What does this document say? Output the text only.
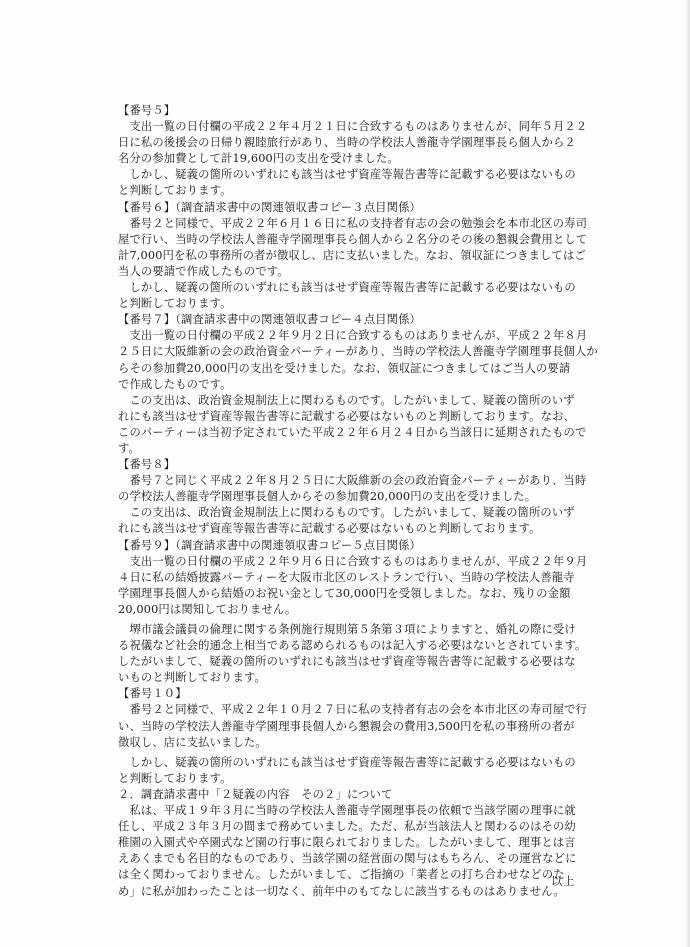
【番号５】
　支出一覧の日付欄の平成２２年４月２１日に合致するものはありませんが、同年５月２２
日に私の後援会の日帰り親睦旅行があり、当時の学校法人善龍寺学園理事長ら個人から２
名分の参加費として計19,600円の支出を受けました。
　しかし、疑義の箇所のいずれにも該当はせず資産等報告書等に記載する必要はないもの
と判断しております。
【番号６】（調査請求書中の関連領収書コピー３点目関係）
　番号２と同様で、平成２２年６月１６日に私の支持者有志の会の勉強会を本市北区の寿司
屋で行い、当時の学校法人善龍寺学園理事長ら個人から２名分のその後の懇親会費用として
計7,000円を私の事務所の者が徴収し、店に支払いました。なお、領収証につきましてはご当人の要請で作成したものです。
　しかし、疑義の箇所のいずれにも該当はせず資産等報告書等に記載する必要はないもの
と判断しております。
【番号７】（調査請求書中の関連領収書コピー４点目関係）
　支出一覧の日付欄の平成２２年９月２日に合致するものはありませんが、平成２２年８月
２５日に大阪維新の会の政治資金パーティーがあり、当時の学校法人善龍寺学園理事長個人か
らその参加費20,000円の支出を受けました。なお、領収証につきましてはご当人の要請
で作成したものです。
　この支出は、政治資金規制法上に関わるものです。したがいまして、疑義の箇所のいず
れにも該当はせず資産等報告書等に記載する必要はないものと判断しております。なお、
このパーティーは当初予定されていた平成２２年６月２４日から当該日に延期されたもので
す。
【番号８】
　番号７と同じく平成２２年８月２５日に大阪維新の会の政治資金パーティーがあり、当時
の学校法人善龍寺学園理事長個人からその参加費20,000円の支出を受けました。
　この支出は、政治資金規制法上に関わるものです。したがいまして、疑義の箇所のいず
れにも該当はせず資産等報告書等に記載する必要はないものと判断しております。
【番号９】（調査請求書中の関連領収書コピー５点目関係）
　支出一覧の日付欄の平成２２年９月６日に合致するものはありませんが、平成２２年９月
４日に私の結婚披露パーティーを大阪市北区のレストランで行い、当時の学校法人善龍寺
学園理事長個人から結婚のお祝い金として30,000円を受領しました。なお、残りの金額
20,000円は関知しておりません。
　堺市議会議員の倫理に関する条例施行規則第５条第３項によりますと、婚礼の際に受け
る祝儀など社会的通念上相当である認められるものは記入する必要はないとされています。
したがいまして、疑義の箇所のいずれにも該当はせず資産等報告書等に記載する必要はな
いものと判断しております。
【番号１０】
　番号２と同様で、平成２２年１０月２７日に私の支持者有志の会を本市北区の寿司屋で行
い、当時の学校法人善龍寺学園理事長個人から懇親会の費用3,500円を私の事務所の者が
徴収し、店に支払いました。
　しかし、疑義の箇所のいずれにも該当はせず資産等報告書等に記載する必要はないもの
と判断しております。
２．調査請求書中「２疑義の内容　その２」について
　私は、平成１９年３月に当時の学校法人善龍寺学園理事長の依頼で当該学園の理事に就
任し、平成２３年３月の間まで務めていました。ただ、私が当該法人と関わるのはその幼
稚園の入園式や卒園式など園の行事に限られておりました。したがいまして、理事とは言
えあくまでも名目的なものであり、当該学園の経営面の関与はもちろん、その運営などに
は全く関わっておりません。したがいまして、ご指摘の「業者との打ち合わせなどのた
め」に私が加わったことは一切なく、前年中のもてなしに該当するものはありません。
以上
